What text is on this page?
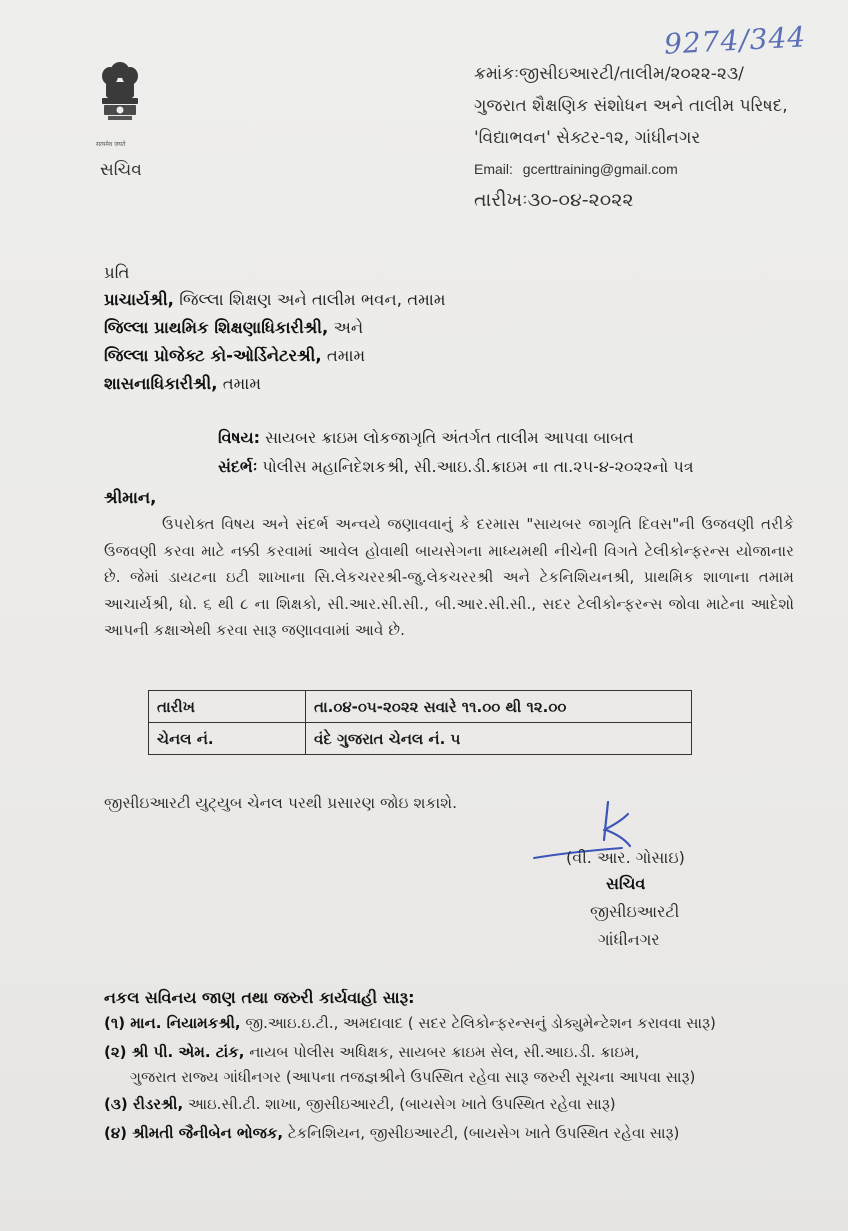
9274/344
सत्यमेव जयते
સચિવ
ક્રમાંકઃજીસીઇઆરટી/તાલીમ/૨૦૨૨-૨૩/
ગુજરાત શૈક્ષણિક સંશોધન અને તાલીમ પરિષદ,
'વિદ્યાભવન' સેક્ટર-૧૨, ગાંધીનગર
Email: gcerttraining@gmail.com
તારીખઃ૩૦-૦૪-૨૦૨૨
પ્રતિ
પ્રાચાર્યશ્રી, જિલ્લા શિક્ષણ અને તાલીમ ભવન, તમામ
જિલ્લા પ્રાથમિક શિક્ષણાધિકારીશ્રી, અને
જિલ્લા પ્રોજેક્ટ કો-ઓર્ડિનેટરશ્રી, તમામ
શાસનાધિકારીશ્રી, તમામ
વિષય: સાયબર ક્રાઇમ લોકજાગૃતિ અંતર્ગત તાલીમ આપવા બાબત
સંદર્ભઃ પોલીસ મહાનિદેશકશ્રી, સી.આઇ.ડી.ક્રાઇમ ના તા.૨૫-૪-૨૦૨૨નો પત્ર
શ્રીમાન,
ઉપરોક્ત વિષય અને સંદર્ભ અન્વયે જણાવવાનું કે દરમાસ "સાયબર જાગૃતિ દિવસ"ની ઉજવણી તરીકે ઉજવણી કરવા માટે નક્કી કરવામાં આવેલ હોવાથી બાયસેગના માધ્યમથી નીચેની વિગતે ટેલીકોન્ફરન્સ યોજાનાર છે. જેમાં ડાયટના ઇટી શાખાના સિ.લેકચરરશ્રી-જુ.લેકચરરશ્રી અને ટેકનિશિયનશ્રી, પ્રાથમિક શાળાના તમામ આચાર્યશ્રી, ધો. ૬ થી ૮ ના શિક્ષકો, સી.આર.સી.સી., બી.આર.સી.સી., સદર ટેલીકોન્ફરન્સ જોવા માટેના આદેશો આપની કક્ષાએથી કરવા સારૂ જણાવવામાં આવે છે.
તારીખ	તા.૦૪-૦૫-૨૦૨૨ સવારે ૧૧.૦૦ થી ૧૨.૦૦
ચેનલ નં.	વંદે ગુજરાત ચેનલ નં. ૫
જીસીઇઆરટી યુટ્યુબ ચેનલ પરથી પ્રસારણ જોઇ શકાશે.
(વી. આર. ગોસાઇ)
સચિવ
જીસીઇઆરટી
ગાંધીનગર
નકલ સવિનય જાણ તથા જરુરી કાર્યવાહી સારૂ:
(૧) માન. નિયામકશ્રી, જી.આઇ.ઇ.ટી., અમદાવાદ ( સદર ટેલિકોન્ફરન્સનું ડોક્યુમેન્ટેશન કરાવવા સારૂ)
(૨) શ્રી પી. એમ. ટાંક, નાયબ પોલીસ અધિક્ષક, સાયબર ક્રાઇમ સેલ, સી.આઇ.ડી. ક્રાઇમ,
ગુજરાત રાજ્ય ગાંધીનગર (આપના તજજ્ઞશ્રીને ઉપસ્થિત રહેવા સારૂ જરુરી સૂચના આપવા સારૂ)
(૩) રીડરશ્રી, આઇ.સી.ટી. શાખા, જીસીઇઆરટી, (બાયસેગ ખાતે ઉપસ્થિત રહેવા સારૂ)
(૪) શ્રીમતી જૈનીબેન ભોજક, ટેકનિશિયન, જીસીઇઆરટી, (બાયસેગ ખાતે ઉપસ્થિત રહેવા સારૂ)
